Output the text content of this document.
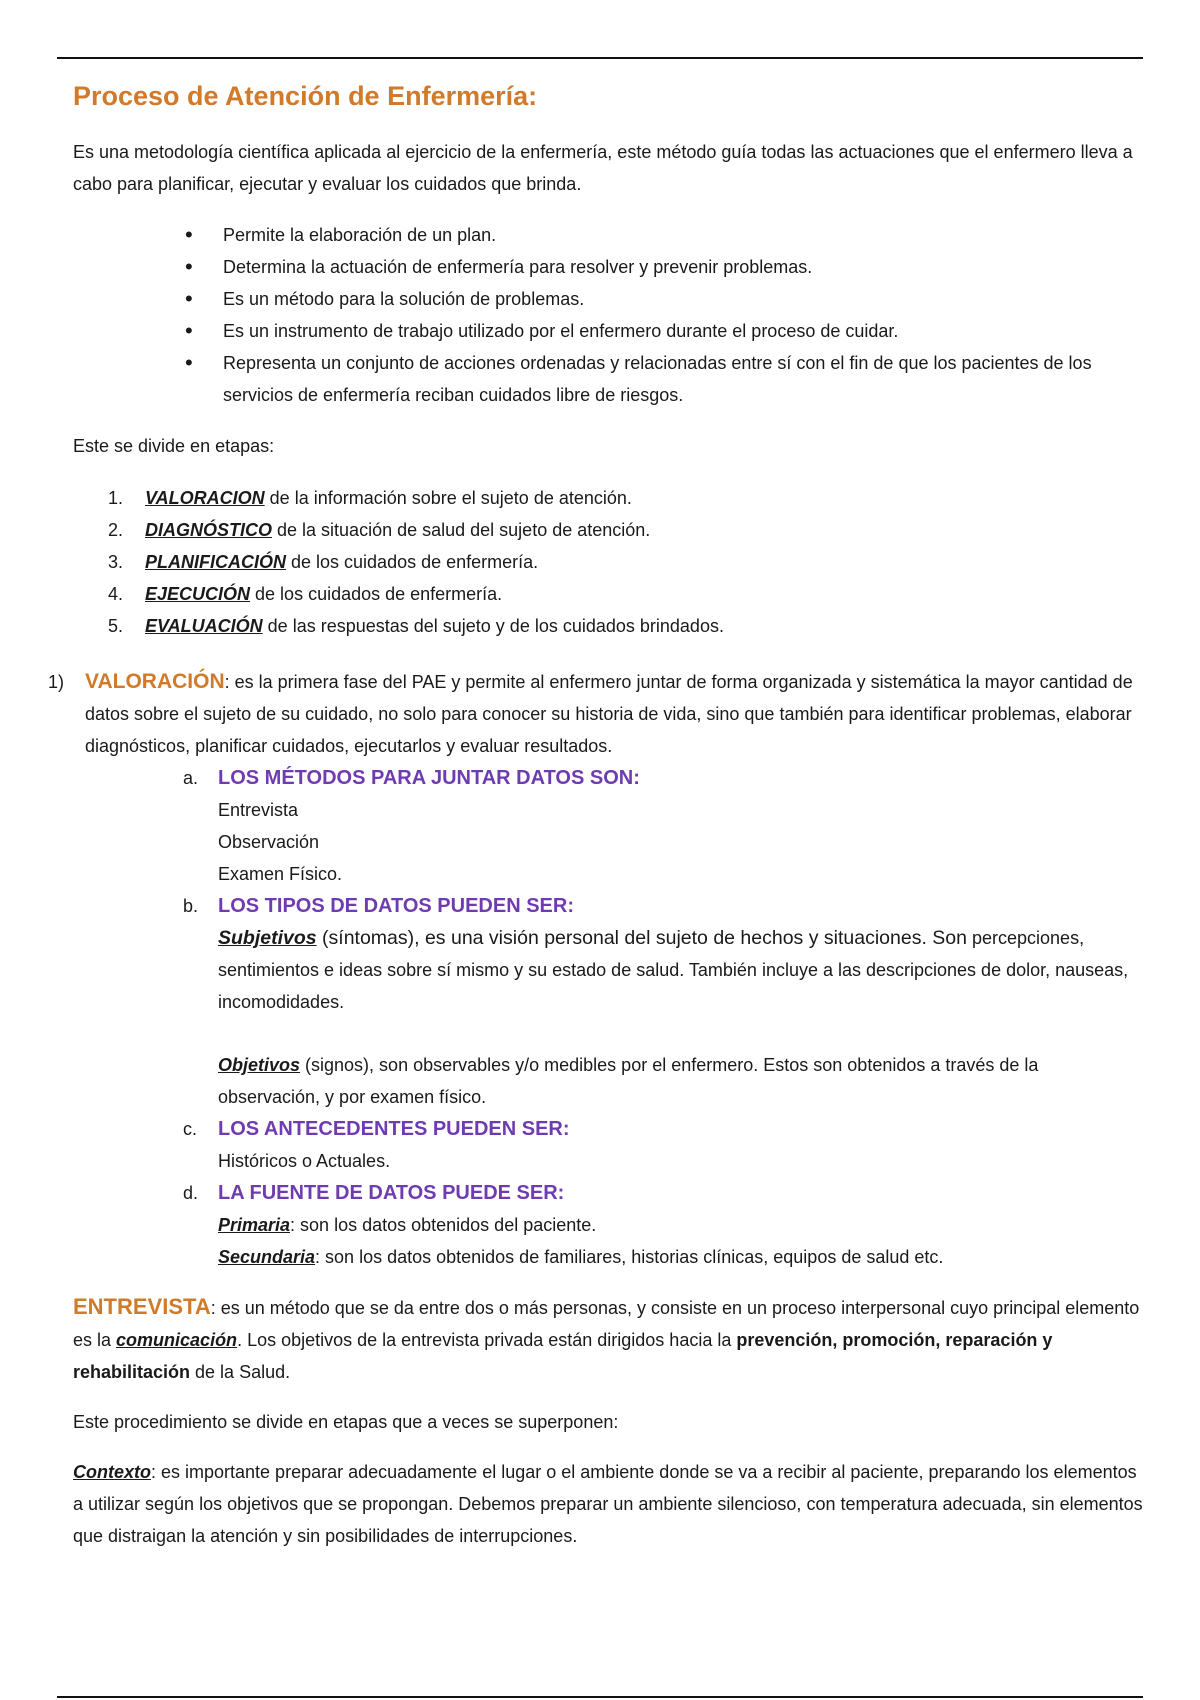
Proceso de Atención de Enfermería:

Es una metodología científica aplicada al ejercicio de la enfermería, este método guía todas las actuaciones que el enfermero lleva a cabo para planificar, ejecutar y evaluar los cuidados que brinda.

• Permite la elaboración de un plan.
• Determina la actuación de enfermería para resolver y prevenir problemas.
• Es un método para la solución de problemas.
• Es un instrumento de trabajo utilizado por el enfermero durante el proceso de cuidar.
• Representa un conjunto de acciones ordenadas y relacionadas entre sí con el fin de que los pacientes de los servicios de enfermería reciban cuidados libre de riesgos.

Este se divide en etapas:

1. VALORACION de la información sobre el sujeto de atención.
2. DIAGNÓSTICO de la situación de salud del sujeto de atención.
3. PLANIFICACIÓN de los cuidados de enfermería.
4. EJECUCIÓN de los cuidados de enfermería.
5. EVALUACIÓN de las respuestas del sujeto y de los cuidados brindados.
1) VALORACIÓN: es la primera fase del PAE y permite al enfermero juntar de forma organizada y sistemática la mayor cantidad de datos sobre el sujeto de su cuidado, no solo para conocer su historia de vida, sino que también para identificar problemas, elaborar diagnósticos, planificar cuidados, ejecutarlos y evaluar resultados.
a. LOS MÉTODOS PARA JUNTAR DATOS SON:
Entrevista
Observación
Examen Físico.
b. LOS TIPOS DE DATOS PUEDEN SER:

Subjetivos (síntomas), es una visión personal del sujeto de hechos y situaciones. Son percepciones, sentimientos e ideas sobre sí mismo y su estado de salud. También incluye a las descripciones de dolor, nauseas, incomodidades.

Objetivos (signos), son observables y/o medibles por el enfermero. Estos son obtenidos a través de la observación, y por examen físico.

c. LOS ANTECEDENTES PUEDEN SER:
Históricos o Actuales.
d. LA FUENTE DE DATOS PUEDE SER:

Primaria: son los datos obtenidos del paciente.

Secundaria: son los datos obtenidos de familiares, historias clínicas, equipos de salud etc.

ENTREVISTA: es un método que se da entre dos o más personas, y consiste en un proceso interpersonal cuyo principal elemento es la comunicación. Los objetivos de la entrevista privada están dirigidos hacia la prevención, promoción, reparación y rehabilitación de la Salud.

Este procedimiento se divide en etapas que a veces se superponen:

Contexto: es importante preparar adecuadamente el lugar o el ambiente donde se va a recibir al paciente, preparando los elementos a utilizar según los objetivos que se propongan. Debemos preparar un ambiente silencioso, con temperatura adecuada, sin elementos que distraigan la atención y sin posibilidades de interrupciones.
